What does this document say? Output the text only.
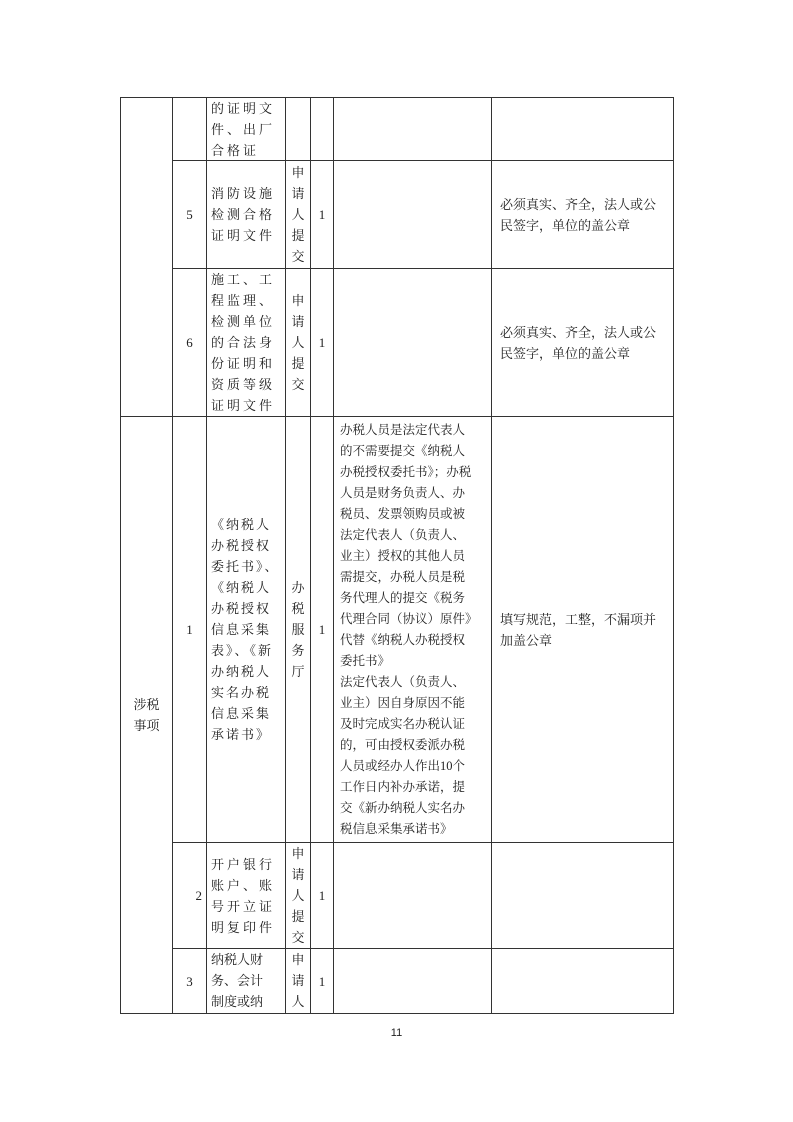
涉税
事项
的证明文
件、出厂
合格证
5
消防设施
检测合格
证明文件
申
请
人
提
交
1
必须真实、齐全，法人或公
民签字，单位的盖公章
6
施工、工
程监理、
检测单位
的合法身
份证明和
资质等级
证明文件
申
请
人
提
交
1
必须真实、齐全，法人或公
民签字，单位的盖公章
1
《纳税人
办税授权
委托书》、
《纳税人
办税授权
信息采集
表》、《新
办纳税人
实名办税
信息采集
承诺书》
办
税
服
务
厅
1
办税人员是法定代表人
的不需要提交《纳税人
办税授权委托书》；办税
人员是财务负责人、办
税员、发票领购员或被
法定代表人（负责人、
业主）授权的其他人员
需提交，办税人员是税
务代理人的提交《税务
代理合同（协议）原件》
代替《纳税人办税授权
委托书》
法定代表人（负责人、
业主）因自身原因不能
及时完成实名办税认证
的，可由授权委派办税
人员或经办人作出10个
工作日内补办承诺，提
交《新办纳税人实名办
税信息采集承诺书》
填写规范，工整，不漏项并
加盖公章
2
开户银行
账户、账
号开立证
明复印件
申
请
人
提
交
1
3
纳税人财
务、会计
制度或纳
申
请
人
1
11
